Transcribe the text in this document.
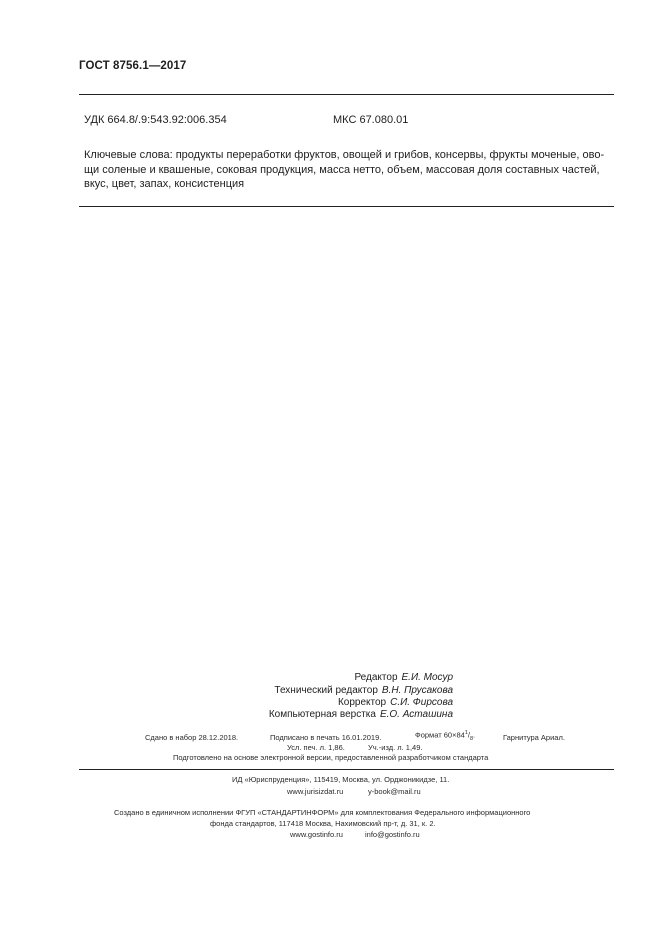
ГОСТ 8756.1—2017
УДК 664.8/.9:543.92:006.354	МКС 67.080.01
Ключевые слова: продукты переработки фруктов, овощей и грибов, консервы, фрукты моченые, ово-
щи соленые и квашеные, соковая продукция, масса нетто, объем, массовая доля составных частей,
вкус, цвет, запах, консистенция
Редактор Е.И. Мосур
Технический редактор В.Н. Прусакова
Корректор С.И. Фирсова
Компьютерная верстка Е.О. Асташина
Сдано в набор 28.12.2018.	Подписано в печать 16.01.2019.	Формат $60\times 84^1/_8$.	Гарнитура Ариал.
Усл. печ. л. 1,86.	Уч.-изд. л. 1,49.
Подготовлено на основе электронной версии, предоставленной разработчиком стандарта
ИД «Юриспруденция», 115419, Москва, ул. Орджоникидзе, 11.
www.jurisizdat.ru	y-book@mail.ru
Создано в единичном исполнении ФГУП «СТАНДАРТИНФОРМ» для комплектования Федерального информационного
фонда стандартов, 117418 Москва, Нахимовский пр-т, д. 31, к. 2.
www.gostinfo.ru	info@gostinfo.ru
